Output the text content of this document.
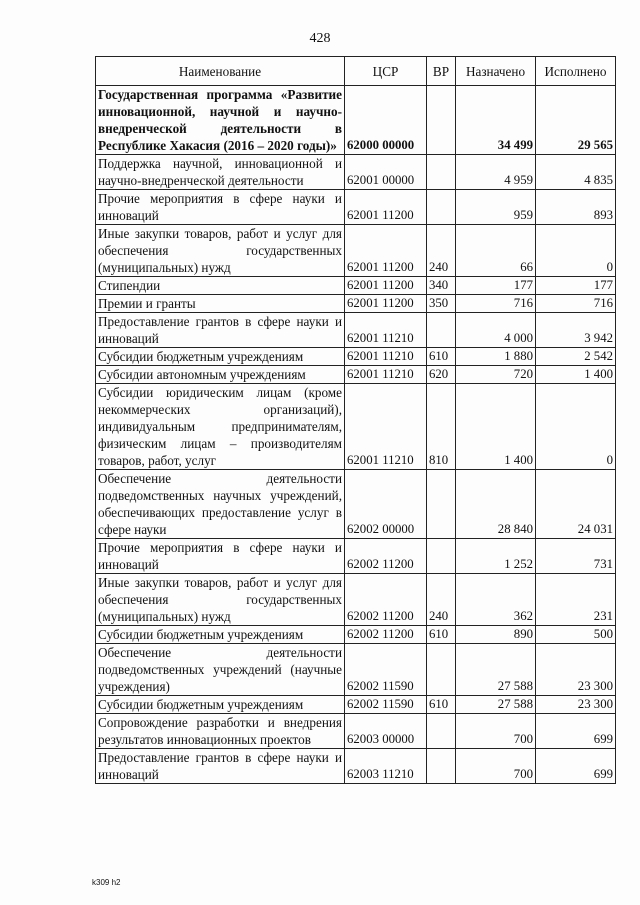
428
Наименование	ЦСР	ВР	Назначено	Исполнено
Государственная программа «Развитие инновационной, научной и научно-внедренческой деятельности в Республике Хакасия (2016 – 2020 годы)»	62000 00000		34 499	29 565
Поддержка научной, инновационной и научно-внедренческой деятельности	62001 00000		4 959	4 835
Прочие мероприятия в сфере науки и инноваций	62001 11200		959	893
Иные закупки товаров, работ и услуг для обеспечения государственных (муниципальных) нужд	62001 11200	240	66	0
Стипендии	62001 11200	340	177	177
Премии и гранты	62001 11200	350	716	716
Предоставление грантов в сфере науки и инноваций	62001 11210		4 000	3 942
Субсидии бюджетным учреждениям	62001 11210	610	1 880	2 542
Субсидии автономным учреждениям	62001 11210	620	720	1 400
Субсидии юридическим лицам (кроме некоммерческих организаций), индивидуальным предпринимателям, физическим лицам – производителям товаров, работ, услуг	62001 11210	810	1 400	0
Обеспечение деятельности подведомственных научных учреждений, обеспечивающих предоставление услуг в сфере науки	62002 00000		28 840	24 031
Прочие мероприятия в сфере науки и инноваций	62002 11200		1 252	731
Иные закупки товаров, работ и услуг для обеспечения государственных (муниципальных) нужд	62002 11200	240	362	231
Субсидии бюджетным учреждениям	62002 11200	610	890	500
Обеспечение деятельности подведомственных учреждений (научные учреждения)	62002 11590		27 588	23 300
Субсидии бюджетным учреждениям	62002 11590	610	27 588	23 300
Сопровождение разработки и внедрения результатов инновационных проектов	62003 00000		700	699
Предоставление грантов в сфере науки и инноваций	62003 11210		700	699
k309 h2
